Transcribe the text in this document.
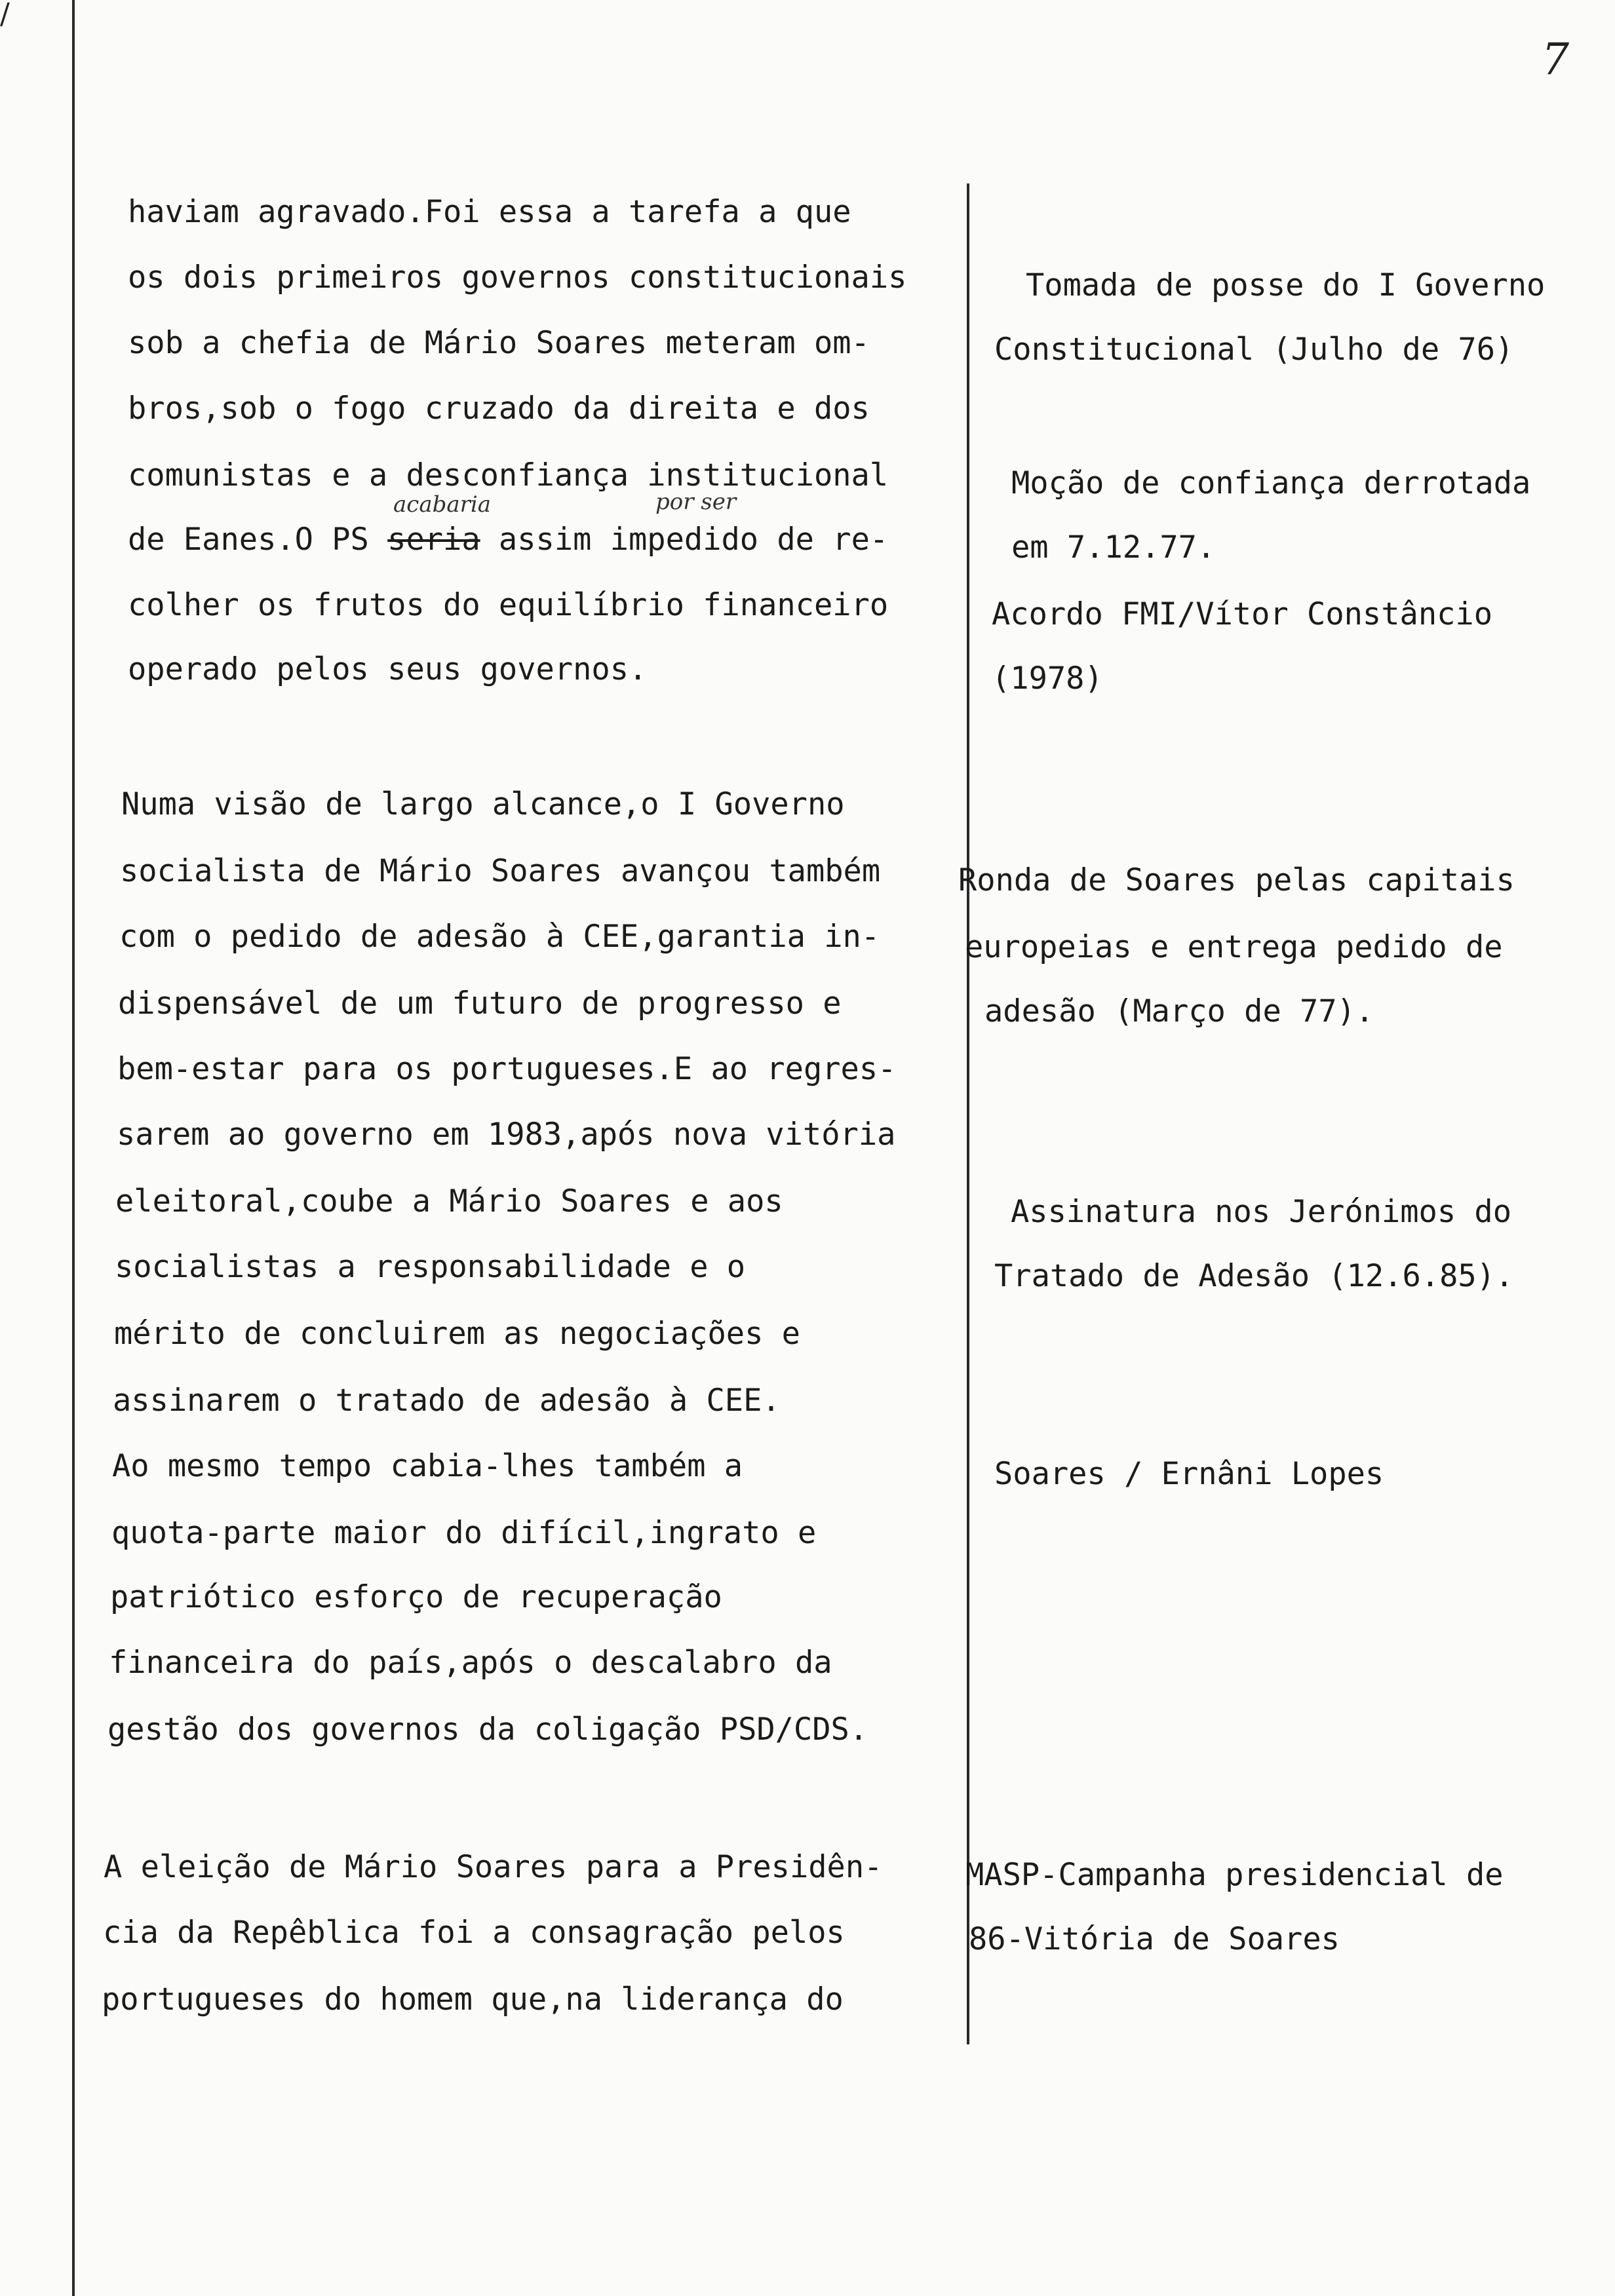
/
7
haviam agravado.Foi essa a tarefa a que
os dois primeiros governos constitucionais
sob a chefia de Mário Soares meteram om-
bros,sob o fogo cruzado da direita e dos
comunistas e a desconfiança institucional
de Eanes.O PS seria assim impedido de re-
acabaria	por ser
colher os frutos do equilíbrio financeiro
operado pelos seus governos.
Numa visão de largo alcance,o I Governo
socialista de Mário Soares avançou também
com o pedido de adesão à CEE,garantia in-
dispensável de um futuro de progresso e
bem-estar para os portugueses.E ao regres-
sarem ao governo em 1983,após nova vitória
eleitoral,coube a Mário Soares e aos
socialistas a responsabilidade e o
mérito de concluirem as negociações e
assinarem o tratado de adesão à CEE.
Ao mesmo tempo cabia-lhes também a
quota-parte maior do difícil,ingrato e
patriótico esforço de recuperação
financeira do país,após o descalabro da
gestão dos governos da coligação PSD/CDS.
A eleição de Mário Soares para a Presidên-
cia da Repêblica foi a consagração pelos
portugueses do homem que,na liderança do
Tomada de posse do I Governo
Constitucional (Julho de 76)
Moção de confiança derrotada
em 7.12.77.
Acordo FMI/Vítor Constâncio
(1978)
Ronda de Soares pelas capitais
europeias e entrega pedido de
adesão (Março de 77).
Assinatura nos Jerónimos do
Tratado de Adesão (12.6.85).
Soares / Ernâni Lopes
MASP-Campanha presidencial de
86-Vitória de Soares
